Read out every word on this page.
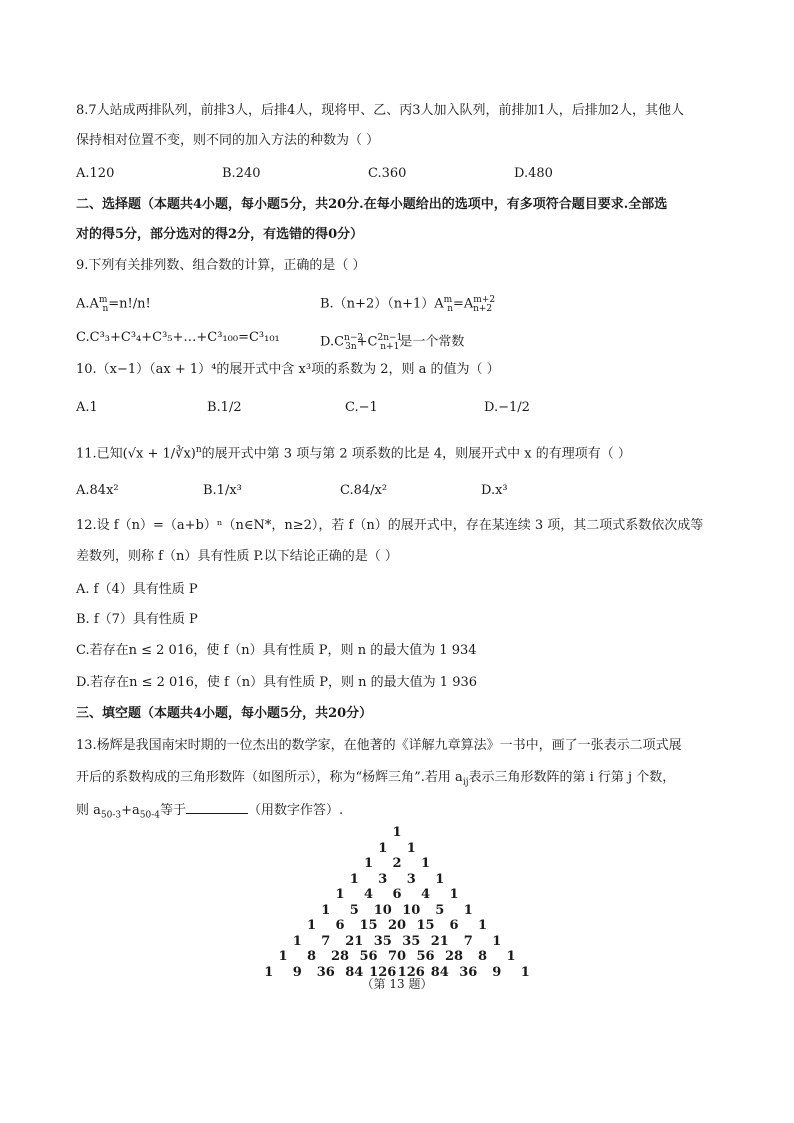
8.7人站成两排队列，前排3人，后排4人，现将甲、乙、丙3人加入队列，前排加1人，后排加2人，其他人
保持相对位置不变，则不同的加入方法的种数为（ ）
A.120	B.240	C.360	D.480
二、选择题（本题共4小题，每小题5分，共20分.在每小题给出的选项中，有多项符合题目要求.全部选
对的得5分，部分选对的得2分，有选错的得0分）
9.下列有关排列数、组合数的计算，正确的是（ ）
$A.A^m_n=n!/n$!	$B.(n+2)(n+1)A^m_n=A^{m+2}_{n+2}$
C.C³₃+C³₄+C³₅+…+C³₁₀₀=C³₁₀₁	$D.C^{n-2}_{3n}+C^{2n-1}_{n+1}$是一个常数
10.（x−1）（ax + 1）⁴的展开式中含 x³项的系数为 2，则 a 的值为（ ）
A.1	B.1/2	C.−1	D.−1/2
11.已知(√x + 1/∛x)$^n$的展开式中第 3 项与第 2 项系数的比是 4，则展开式中 x 的有理项有（ ）
A.84x²	B.1/x³	C.84/x²	D.x³
12.设 f（n）=（a+b）ⁿ（n∈N*，n≥2），若 f（n）的展开式中，存在某连续 3 项，其二项式系数依次成等
差数列，则称 f（n）具有性质 P.以下结论正确的是（ ）
A. f（4）具有性质 P
B. f（7）具有性质 P
C.若存在n ≤ 2 016，使 f（n）具有性质 P，则 n 的最大值为 1 934
D.若存在n ≤ 2 016，使 f（n）具有性质 P，则 n 的最大值为 1 936
三、填空题（本题共4小题，每小题5分，共20分）
13.杨辉是我国南宋时期的一位杰出的数学家，在他著的《详解九章算法》一书中，画了一张表示二项式展
开后的系数构成的三角形数阵（如图所示），称为“杨辉三角”.若用 $a_{ij}$表示三角形数阵的第 i 行第 j 个数，
则 $a_{50-3}+a_{50-4}$等于	（用数字作答）.
1
1 1
1 2 1
1 3 3 1
1 4 6 4 1
1 5 10 10 5 1
1 6 15 20 15 6 1
1 7 21 35 35 21 7 1
1 8 28 56 70 56 28 8 1
1 9 36 84 126 126 84 36 9 1
（第 13 题）
